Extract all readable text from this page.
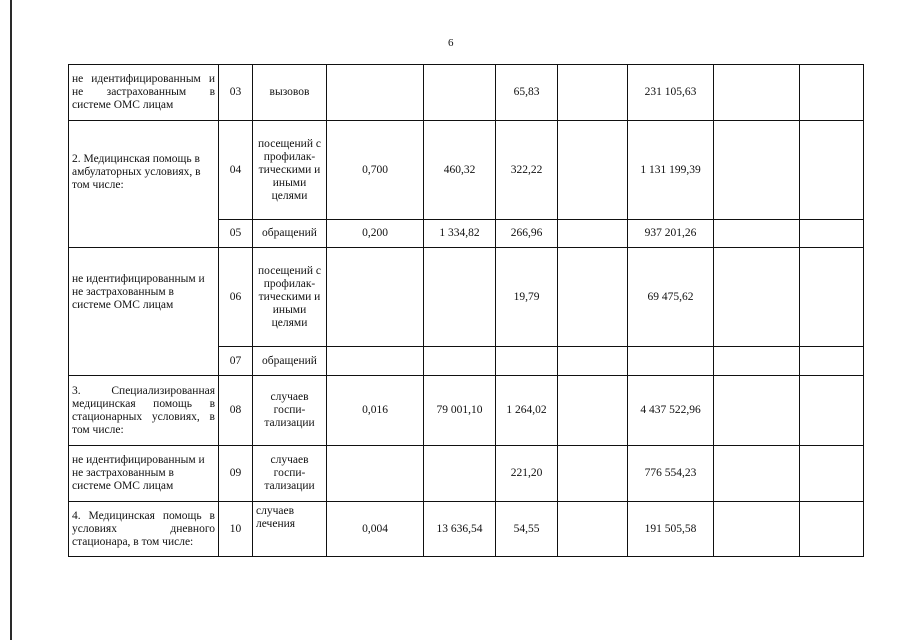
6
не идентифицированным и не застрахованным в системе ОМС лицам	03	вызовов			65,83		231 105,63		
2. Медицинская помощь в амбулаторных условиях, в том числе:	04	посещений с профилак-тическими и иными целями	0,700	460,32	322,22		1 131 199,39		
	05	обращений	0,200	1 334,82	266,96		937 201,26		
не идентифицированным и не застрахованным в системе ОМС лицам	06	посещений с профилак-тическими и иными целями			19,79		69 475,62		
	07	обращений							
3. Специализированная медицинская помощь в стационарных условиях, в том числе:	08	случаев госпи-тализации	0,016	79 001,10	1 264,02		4 437 522,96		
не идентифицированным и не застрахованным в системе ОМС лицам	09	случаев госпи-тализации			221,20		776 554,23		
4. Медицинская помощь в условиях дневного стационара, в том числе:	10	случаев лечения	0,004	13 636,54	54,55		191 505,58		
